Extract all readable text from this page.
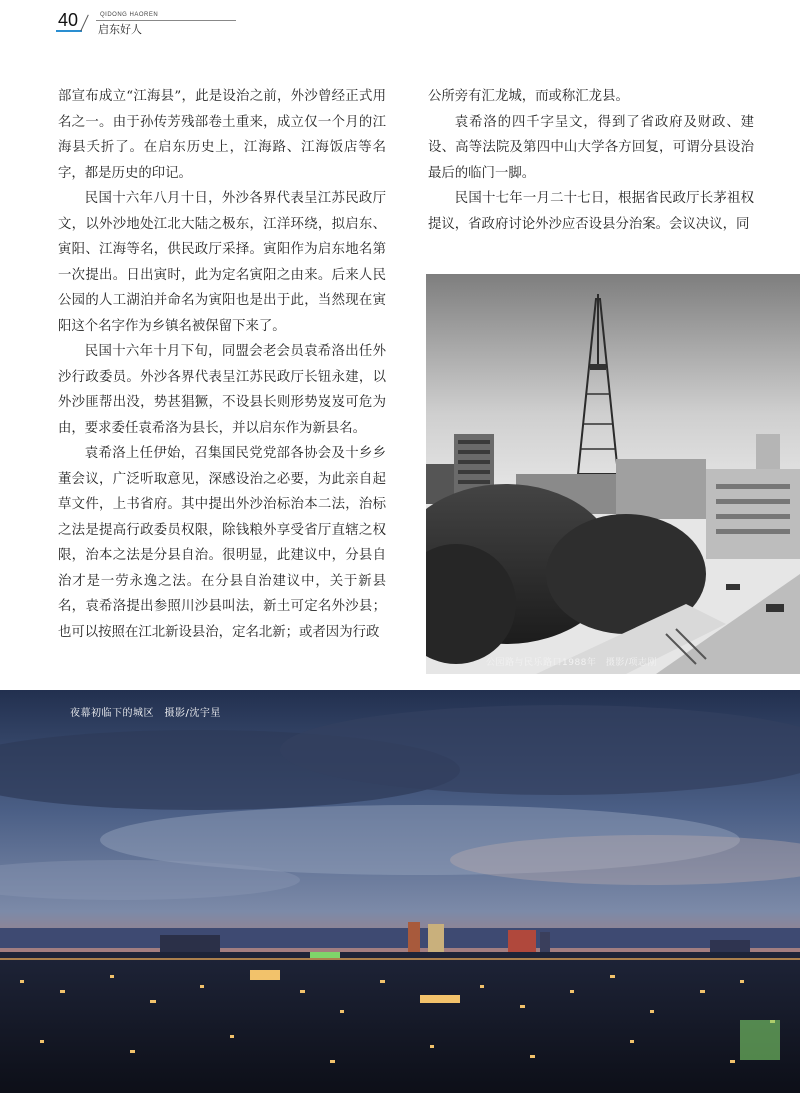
40	QIDONG HAOREN
启东好人

部宣布成立“江海县”，此是设治之前，外沙曾经正式用名之一。由于孙传芳残部卷土重来，成立仅一个月的江海县夭折了。在启东历史上，江海路、江海饭店等名字，都是历史的印记。

民国十六年八月十日，外沙各界代表呈江苏民政厅文，以外沙地处江北大陆之极东，江洋环绕，拟启东、寅阳、江海等名，供民政厅采择。寅阳作为启东地名第一次提出。日出寅时，此为定名寅阳之由来。后来人民公园的人工湖泊并命名为寅阳也是出于此，当然现在寅阳这个名字作为乡镇名被保留下来了。

民国十六年十月下旬，同盟会老会员袁希洛出任外沙行政委员。外沙各界代表呈江苏民政厅长钮永建，以外沙匪帮出没，势甚猖獗，不设县长则形势岌岌可危为由，要求委任袁希洛为县长，并以启东作为新县名。

袁希洛上任伊始，召集国民党党部各协会及十乡乡董会议，广泛听取意见，深感设治之必要，为此亲自起草文件，上书省府。其中提出外沙治标治本二法，治标之法是提高行政委员权限，除钱粮外享受省厅直辖之权限，治本之法是分县自治。很明显，此建议中，分县自治才是一劳永逸之法。在分县自治建议中，关于新县名，袁希洛提出参照川沙县叫法，新土可定名外沙县；也可以按照在江北新设县治，定名北新；或者因为行政

公所旁有汇龙城，而或称汇龙县。

袁希洛的四千字呈文，得到了省政府及财政、建设、高等法院及第四中山大学各方回复，可谓分县设治最后的临门一脚。

民国十七年一月二十七日，根据省民政厅长茅祖权提议，省政府讨论外沙应否设县分治案。会议决议，同

公园路与民乐路口1988年　摄影/项志刚
夜幕初临下的城区　摄影/沈宇星
